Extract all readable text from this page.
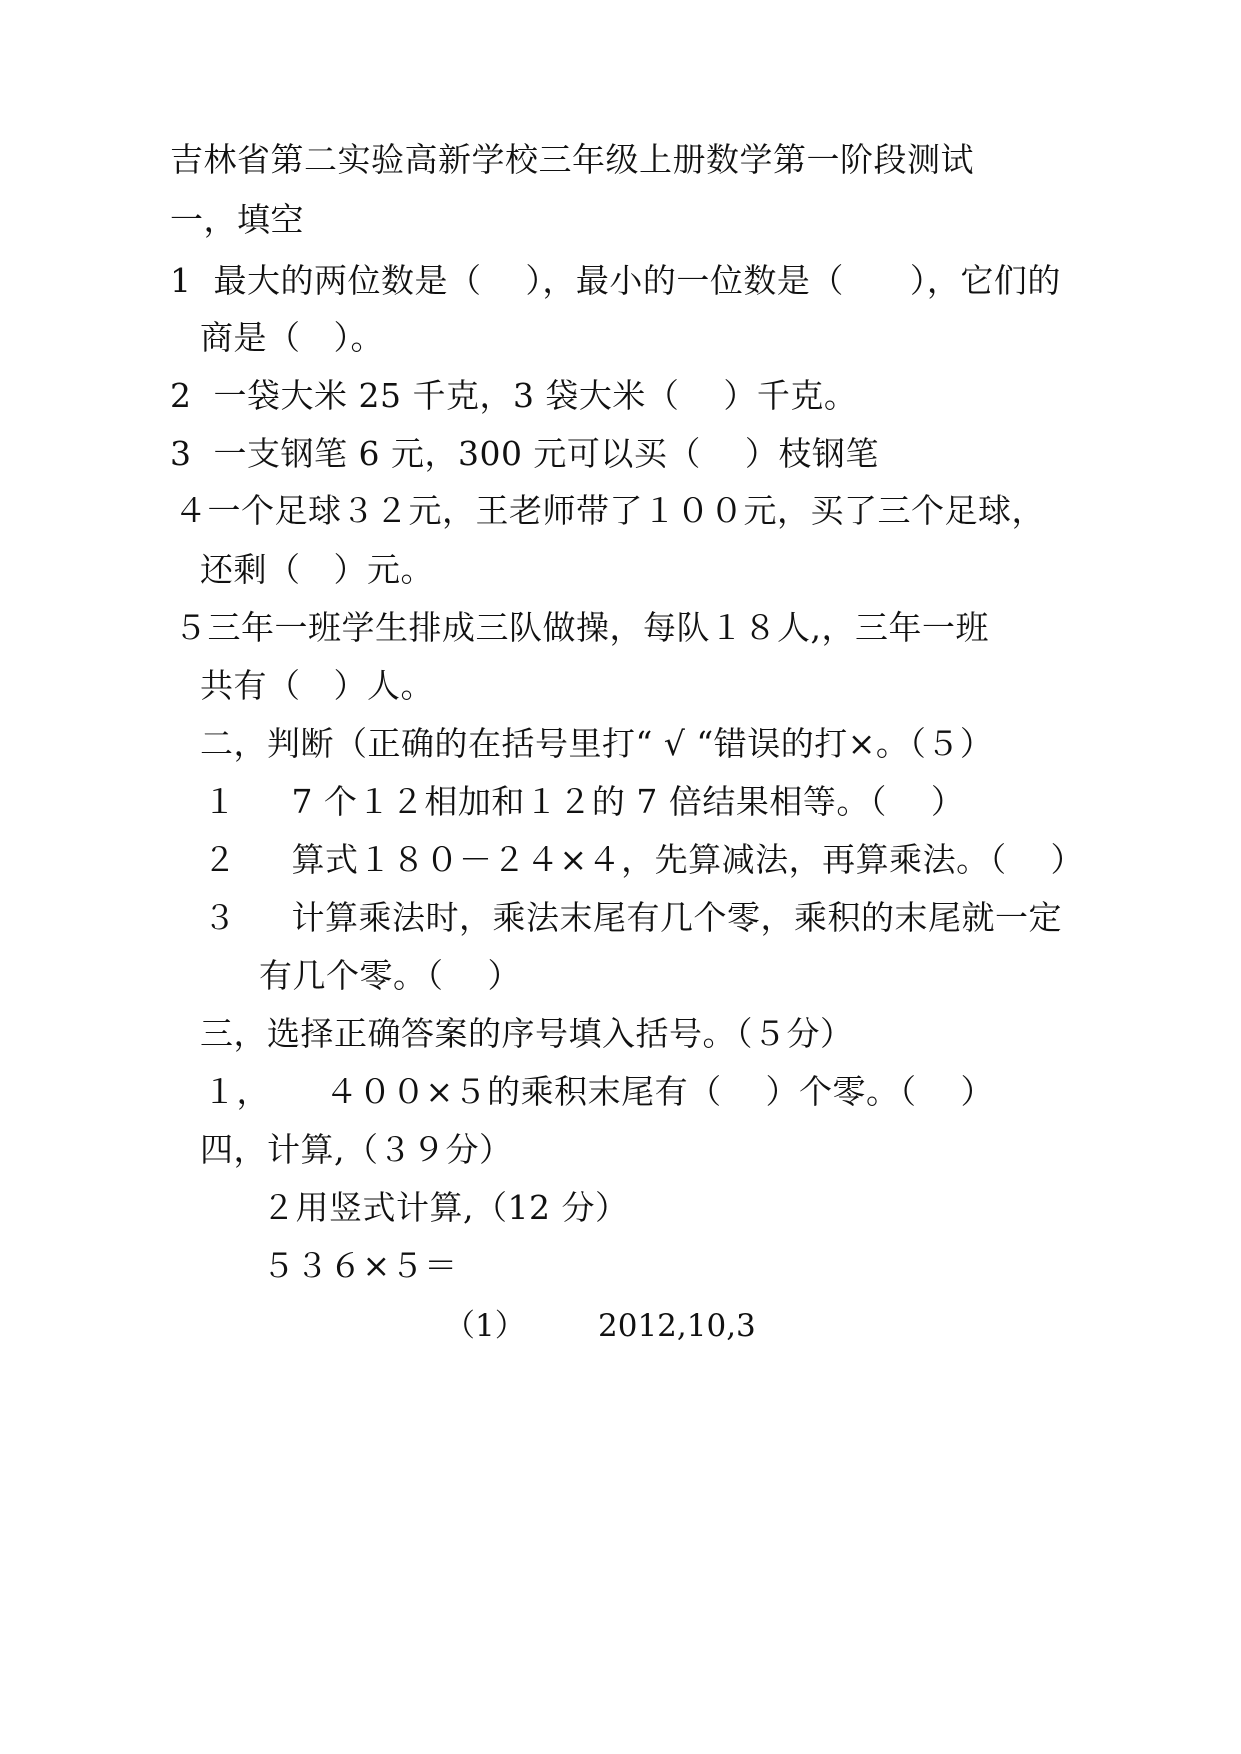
吉林省第二实验高新学校三年级上册数学第一阶段测试
一，填空
1  最大的两位数是（    ），最小的一位数是（      ），它们的
商是（   ）。
2  一袋大米 25 千克，3 袋大米（    ）千克。
3  一支钢笔 6 元，300 元可以买（    ）枝钢笔
４一个足球３２元，王老师带了１００元，买了三个足球，
还剩（   ）元。
５三年一班学生排成三队做操，每队１８人,，三年一班
共有（   ）人。
二，判断（正确的在括号里打“ √ “错误的打×。（５）
１     7 个１２相加和１２的 7 倍结果相等。（    ）
２     算式１８０－２４×４，先算减法，再算乘法。（    ）
３     计算乘法时，乘法末尾有几个零，乘积的末尾就一定
有几个零。（    ）
三，选择正确答案的序号填入括号。（５分）
１，     ４００×５的乘积末尾有（    ）个零。（    ）
四，计算,（３９分）
２用竖式计算,（12 分）
５３６×５＝
（1） 2012,10,3
